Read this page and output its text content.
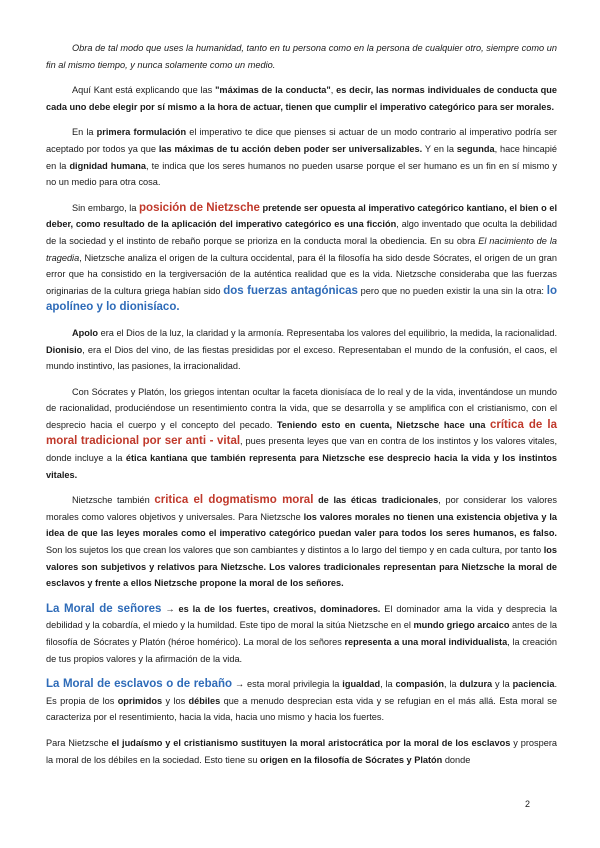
Obra de tal modo que uses la humanidad, tanto en tu persona como en la persona de cualquier otro, siempre como un fin al mismo tiempo, y nunca solamente como un medio.

Aquí Kant está explicando que las "máximas de la conducta", es decir, las normas individuales de conducta que cada uno debe elegir por sí mismo a la hora de actuar, tienen que cumplir el imperativo categórico para ser morales.

En la primera formulación el imperativo te dice que pienses si actuar de un modo contrario al imperativo podría ser aceptado por todos ya que las máximas de tu acción deben poder ser universalizables. Y en la segunda, hace hincapié en la dignidad humana, te indica que los seres humanos no pueden usarse porque el ser humano es un fin en sí mismo y no un medio para otra cosa.

Sin embargo, la posición de Nietzsche pretende ser opuesta al imperativo categórico kantiano, el bien o el deber, como resultado de la aplicación del imperativo categórico es una ficción, algo inventado que oculta la debilidad de la sociedad y el instinto de rebaño porque se prioriza en la conducta moral la obediencia. En su obra El nacimiento de la tragedia, Nietzsche analiza el origen de la cultura occidental, para él la filosofía ha sido desde Sócrates, el origen de un gran error que ha consistido en la tergiversación de la auténtica realidad que es la vida. Nietzsche consideraba que las fuerzas originarias de la cultura griega habían sido dos fuerzas antagónicas pero que no pueden existir la una sin la otra: lo apolíneo y lo dionisíaco.

Apolo era el Dios de la luz, la claridad y la armonía. Representaba los valores del equilibrio, la medida, la racionalidad. Dionisio, era el Dios del vino, de las fiestas presididas por el exceso. Representaban el mundo de la confusión, el caos, el mundo instintivo, las pasiones, la irracionalidad.

Con Sócrates y Platón, los griegos intentan ocultar la faceta dionisíaca de lo real y de la vida, inventándose un mundo de racionalidad, produciéndose un resentimiento contra la vida, que se desarrolla y se amplifica con el cristianismo, con el desprecio hacia el cuerpo y el concepto del pecado. Teniendo esto en cuenta, Nietzsche hace una crítica de la moral tradicional por ser anti - vital, pues presenta leyes que van en contra de los instintos y los valores vitales, donde incluye a la ética kantiana que también representa para Nietzsche ese desprecio hacia la vida y los instintos vitales.

Nietzsche también critica el dogmatismo moral de las éticas tradicionales, por considerar los valores morales como valores objetivos y universales. Para Nietzsche los valores morales no tienen una existencia objetiva y la idea de que las leyes morales como el imperativo categórico puedan valer para todos los seres humanos, es falso. Son los sujetos los que crean los valores que son cambiantes y distintos a lo largo del tiempo y en cada cultura, por tanto los valores son subjetivos y relativos para Nietzsche. Los valores tradicionales representan para Nietzsche la moral de esclavos y frente a ellos Nietzsche propone la moral de los señores.

La Moral de señores → es la de los fuertes, creativos, dominadores. El dominador ama la vida y desprecia la debilidad y la cobardía, el miedo y la humildad. Este tipo de moral la sitúa Nietzsche en el mundo griego arcaico antes de la filosofía de Sócrates y Platón (héroe homérico). La moral de los señores representa a una moral individualista, la creación de tus propios valores y la afirmación de la vida.

La Moral de esclavos o de rebaño → esta moral privilegia la igualdad, la compasión, la dulzura y la paciencia. Es propia de los oprimidos y los débiles que a menudo desprecian esta vida y se refugian en el más allá. Esta moral se caracteriza por el resentimiento, hacia la vida, hacia uno mismo y hacia los fuertes.

Para Nietzsche el judaísmo y el cristianismo sustituyen la moral aristocrática por la moral de los esclavos y prospera la moral de los débiles en la sociedad. Esto tiene su origen en la filosofía de Sócrates y Platón donde

2
